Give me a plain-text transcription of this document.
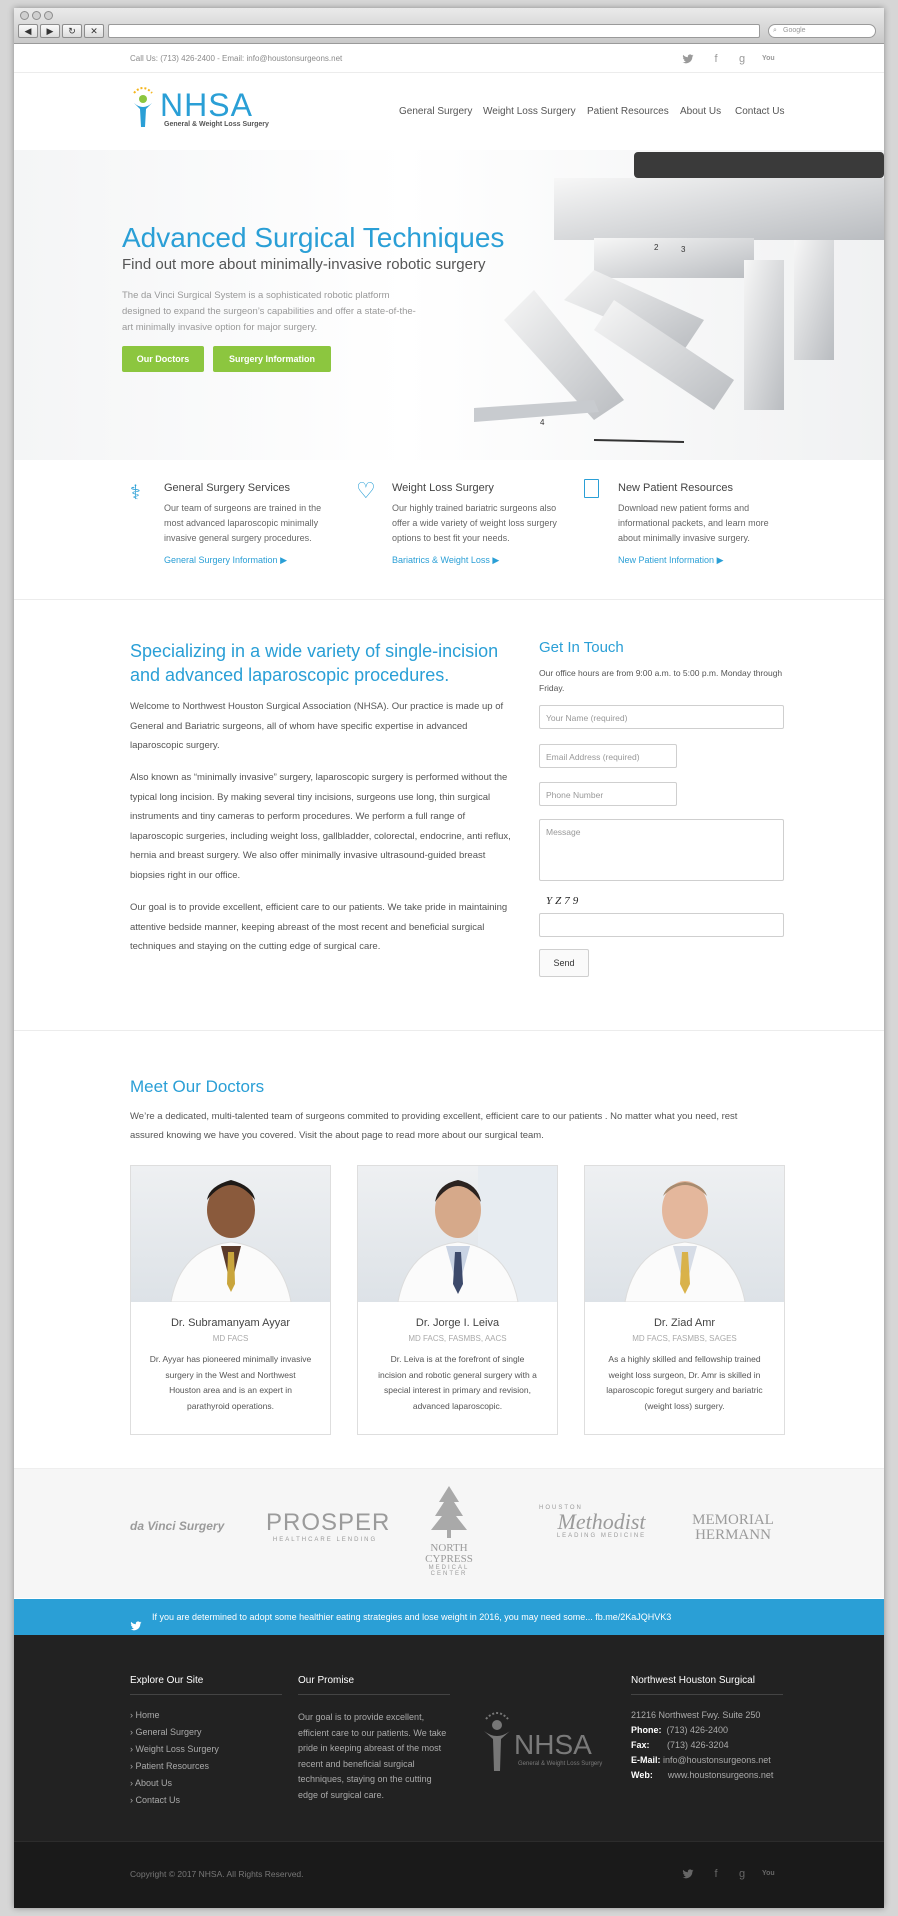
◀	▶	↻	✕	⌕ Google
Call Us: (713) 426-2400 - Email: info@houstonsurgeons.net	f	g	You
NHSA
General & Weight Loss Surgery
General Surgery Weight Loss Surgery Patient Resources About Us Contact Us
Advanced Surgical Techniques
Find out more about minimally-invasive robotic surgery
The da Vinci Surgical System is a sophisticated robotic platform designed to expand the surgeon’s capabilities and offer a state-of-the-art minimally invasive option for major surgery.
Our Doctors	Surgery Information
2	3
4
⚕ General Surgery Services
Our team of surgeons are trained in the most advanced laparoscopic minimally invasive general surgery procedures.
General Surgery Information ▶
♡ Weight Loss Surgery
Our highly trained bariatric surgeons also offer a wide variety of weight loss surgery options to best fit your needs.
Bariatrics & Weight Loss ▶
New Patient Resources
Download new patient forms and informational packets, and learn more about minimally invasive surgery.
New Patient Information ▶
Specializing in a wide variety of single-incision and advanced laparoscopic procedures.
Welcome to Northwest Houston Surgical Association (NHSA). Our practice is made up of General and Bariatric surgeons, all of whom have specific expertise in advanced laparoscopic surgery.
Also known as “minimally invasive” surgery, laparoscopic surgery is performed without the typical long incision. By making several tiny incisions, surgeons use long, thin surgical instruments and tiny cameras to perform procedures. We perform a full range of laparoscopic surgeries, including weight loss, gallbladder, colorectal, endocrine, anti reflux, hernia and breast surgery. We also offer minimally invasive ultrasound-guided breast biopsies right in our office.
Our goal is to provide excellent, efficient care to our patients. We take pride in maintaining attentive bedside manner, keeping abreast of the most recent and beneficial surgical techniques and staying on the cutting edge of surgical care.
Get In Touch
Our office hours are from 9:00 a.m. to 5:00 p.m. Monday through Friday.
Your Name (required)
Email Address (required)
Phone Number
Message
YZ79
Send
Meet Our Doctors
We’re a dedicated, multi-talented team of surgeons commited to providing excellent, efficient care to our patients . No matter what you need, rest assured knowing we have you covered. Visit the about page to read more about our surgical team.
Dr. Subramanyam Ayyar
MD FACS
Dr. Ayyar has pioneered minimally invasive surgery in the West and Northwest Houston area and is an expert in parathyroid operations.
Dr. Jorge I. Leiva
MD FACS, FASMBS, AACS
Dr. Leiva is at the forefront of single incision and robotic general surgery with a special interest in primary and revision, advanced laparoscopic.
Dr. Ziad Amr
MD FACS, FASMBS, SAGES
As a highly skilled and fellowship trained weight loss surgeon, Dr. Amr is skilled in laparoscopic foregut surgery and bariatric (weight loss) surgery.
da Vinci Surgery PROSPER
HEALTHCARE LENDING
NORTH CYPRESS
MEDICAL CENTER
HOUSTON
Methodist
LEADING MEDICINE
MEMORIAL
HERMANN
If you are determined to adopt some healthier eating strategies and lose weight in 2016, you may need some... fb.me/2KaJQHVK3
Explore Our Site
› Home
› General Surgery
› Weight Loss Surgery
› Patient Resources
› About Us
› Contact Us
Our Promise
Our goal is to provide excellent, efficient care to our patients. We take pride in keeping abreast of the most recent and beneficial surgical techniques, staying on the cutting edge of surgical care.
NHSA
General & Weight Loss Surgery
Northwest Houston Surgical
21216 Northwest Fwy. Suite 250
Phone: (713) 426-2400
Fax: (713) 426-3204
E-Mail: info@houstonsurgeons.net
Web: www.houstonsurgeons.net
Copyright © 2017 NHSA. All Rights Reserved.	f	g	You
